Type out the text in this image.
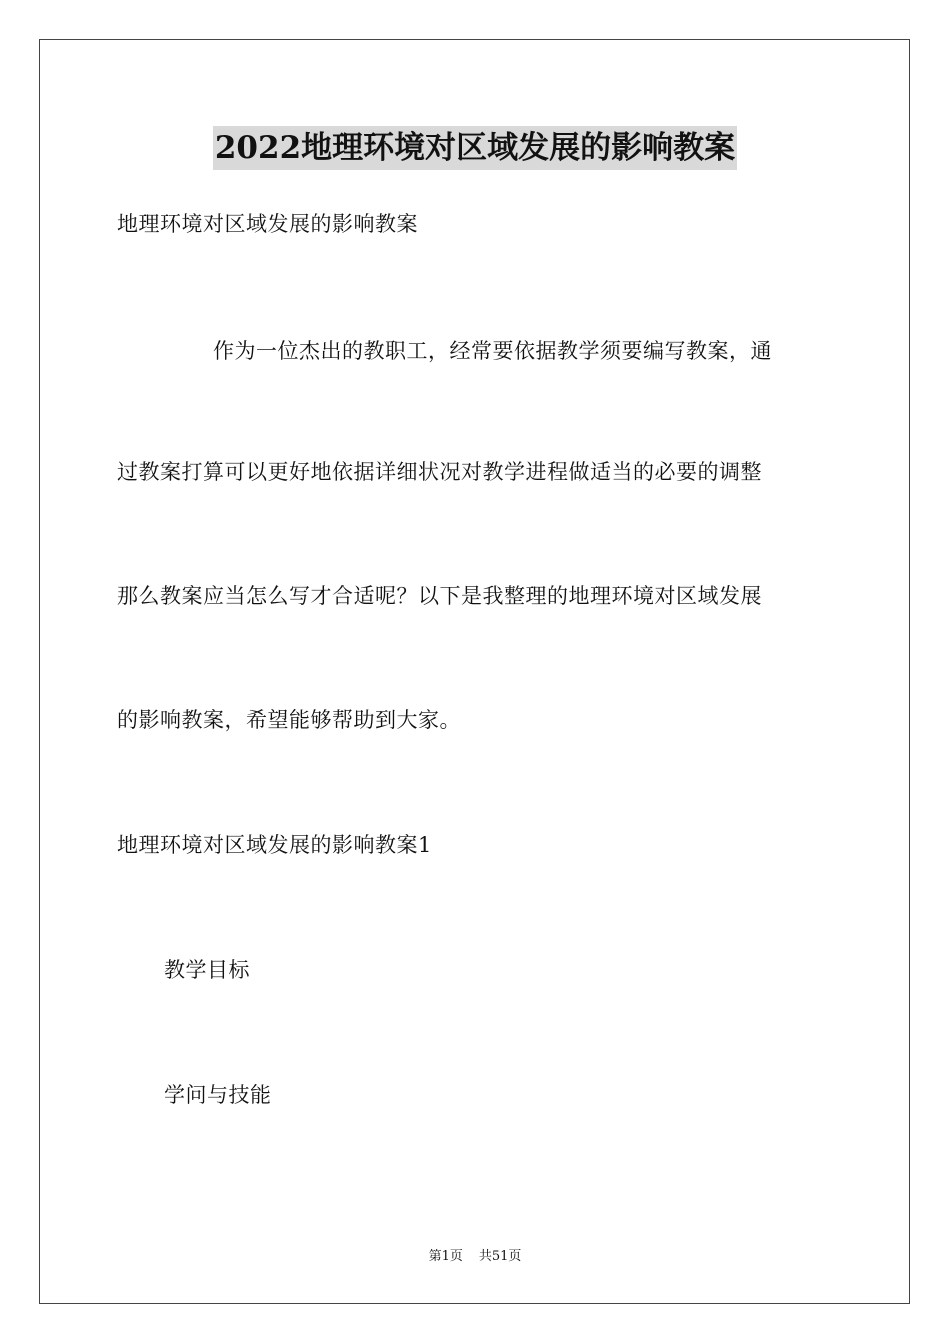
2022地理环境对区域发展的影响教案
地理环境对区域发展的影响教案
作为一位杰出的教职工，经常要依据教学须要编写教案，通
过教案打算可以更好地依据详细状况对教学进程做适当的必要的调整
那么教案应当怎么写才合适呢？以下是我整理的地理环境对区域发展
的影响教案，希望能够帮助到大家。
地理环境对区域发展的影响教案1
教学目标
学问与技能
第1页 共51页
